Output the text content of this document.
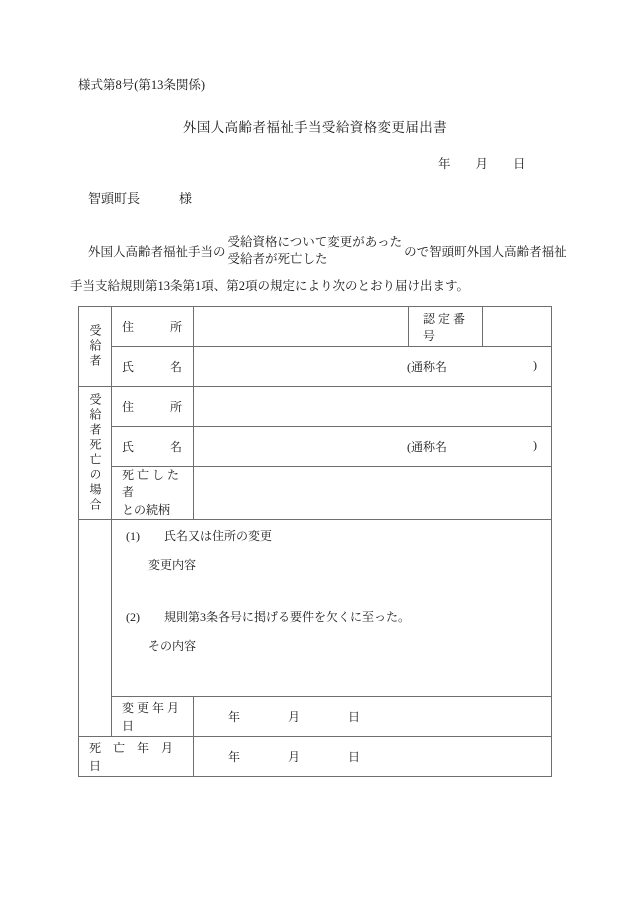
様式第8号(第13条関係)
外国人高齢者福祉手当受給資格変更届出書
年        月        日
智頭町長            様
外国人高齢者福祉手当の
受給資格について変更があった
受給者が死亡した	ので智頭町外国人高齢者福祉
手当支給規則第13条第1項、第2項の規定により次のとおり届け出ます。
受給者	住　　　所		認 定 番 号	

氏　　　名	(通称名 )		

受給者死亡の場合	住　　　所			

氏　　　名	(通称名 )		

死 亡 し た 者
との続柄			

	(1)　　氏名又は住所の変更
変更内容
(2)　　規則第3条各号に掲げる要件を欠くに至った。
その内容			

変 更 年 月 日	年　　　　月　　　　日		

死　亡　年　月　日		年　　　　月　　　　日		
